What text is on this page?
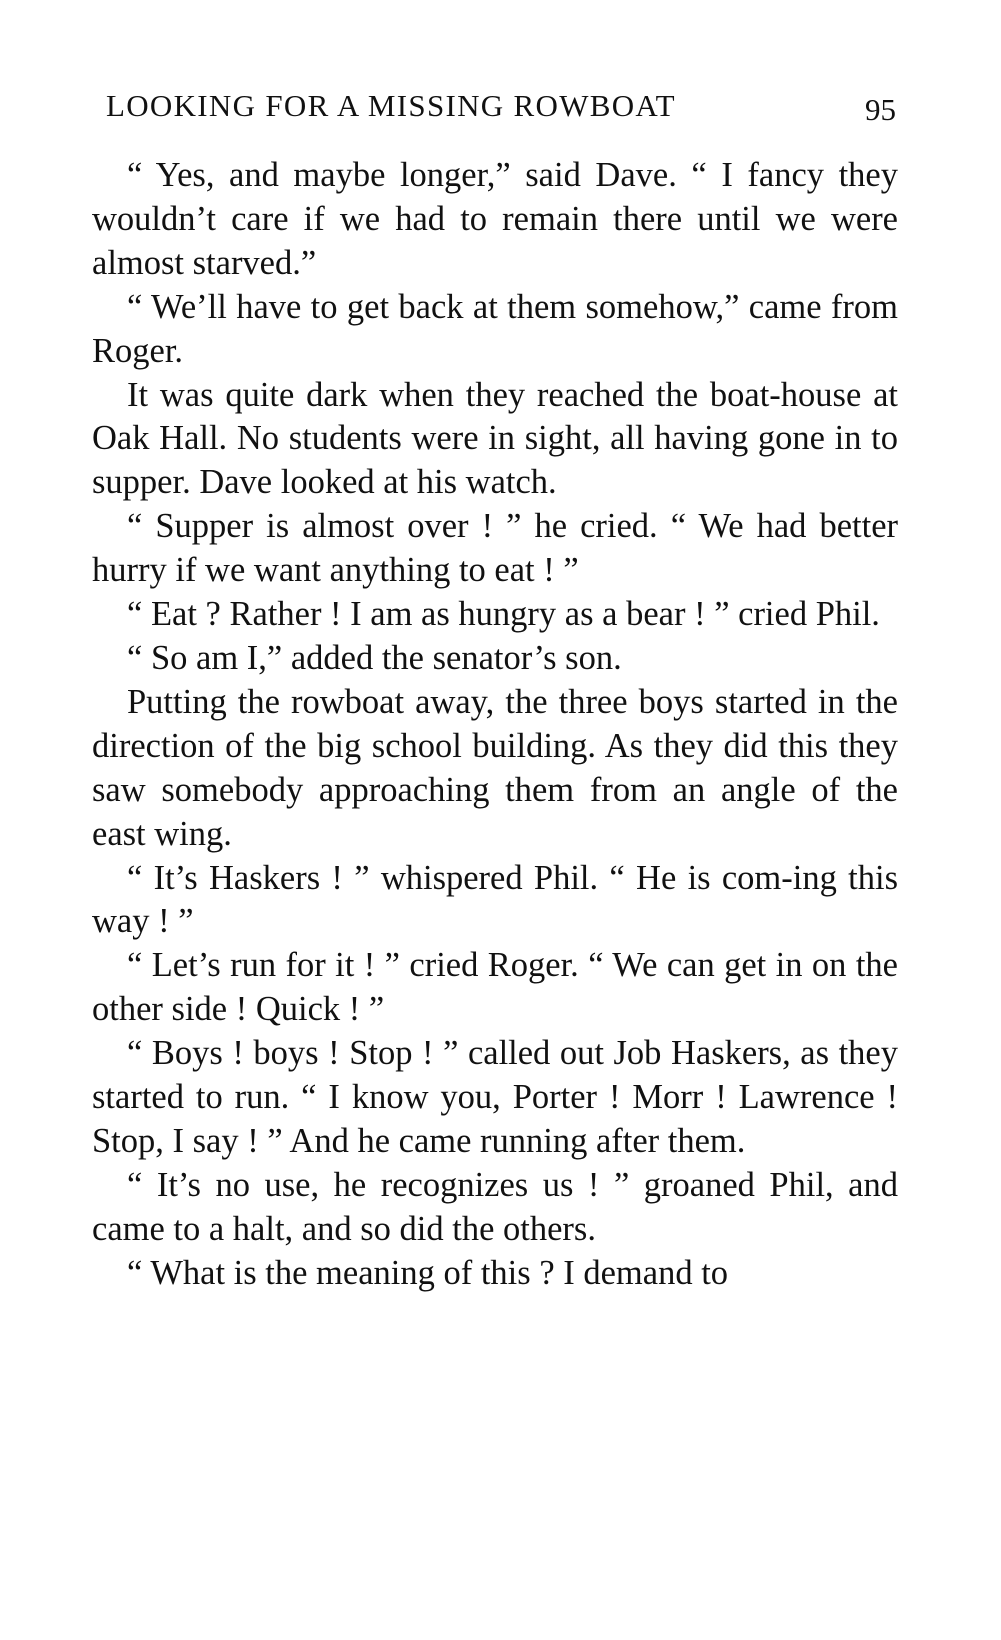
LOOKING FOR A MISSING ROWBOAT	95

“ Yes, and maybe longer,” said Dave. “ I fancy they wouldn’t care if we had to remain there until we were almost starved.”

“ We’ll have to get back at them somehow,” came from Roger.

It was quite dark when they reached the boat-house at Oak Hall. No students were in sight, all having gone in to supper. Dave looked at his watch.

“ Supper is almost over ! ” he cried. “ We had better hurry if we want anything to eat ! ”

“ Eat ? Rather ! I am as hungry as a bear ! ” cried Phil.

“ So am I,” added the senator’s son.

Putting the rowboat away, the three boys started in the direction of the big school building. As they did this they saw somebody approaching them from an angle of the east wing.

“ It’s Haskers ! ” whispered Phil. “ He is com-ing this way ! ”

“ Let’s run for it ! ” cried Roger. “ We can get in on the other side ! Quick ! ”

“ Boys ! boys ! Stop ! ” called out Job Haskers, as they started to run. “ I know you, Porter ! Morr ! Lawrence ! Stop, I say ! ” And he came running after them.

“ It’s no use, he recognizes us ! ” groaned Phil, and came to a halt, and so did the others.

“ What is the meaning of this ? I demand to
